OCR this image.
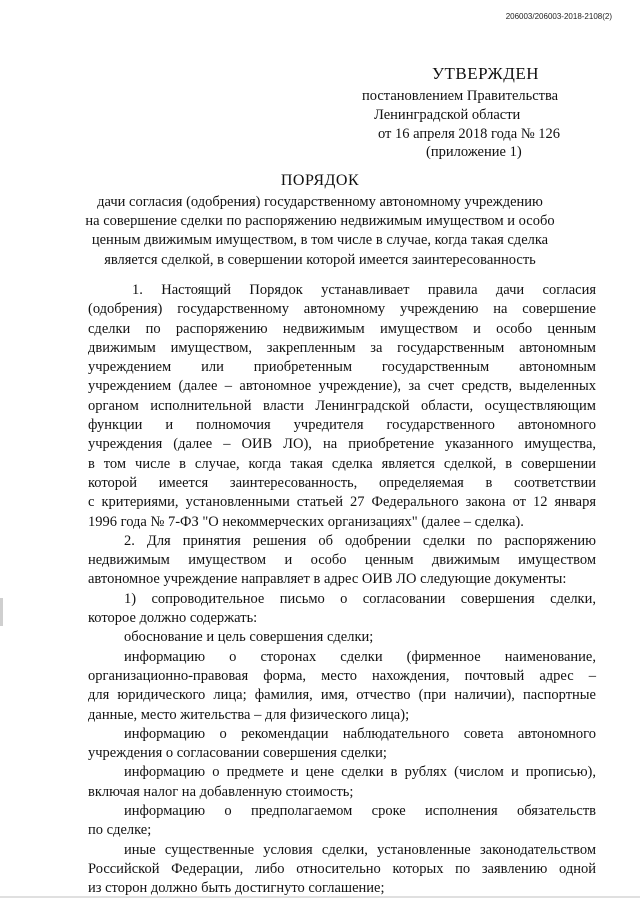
206003/206003-2018-2108(2)
УТВЕРЖДЕН
постановлением Правительства
Ленинградской области
от 16 апреля 2018 года № 126
(приложение 1)
ПОРЯДОК
дачи согласия (одобрения) государственному автономному учреждению
на совершение сделки по распоряжению недвижимым имуществом и особо
ценным движимым имуществом, в том числе в случае, когда такая сделка
является сделкой, в совершении которой имеется заинтересованность
1. Настоящий Порядок устанавливает правила дачи согласия
(одобрения) государственному автономному учреждению на совершение
сделки по распоряжению недвижимым имуществом и особо ценным
движимым имуществом, закрепленным за государственным автономным
учреждением или приобретенным государственным автономным
учреждением (далее – автономное учреждение), за счет средств, выделенных
органом исполнительной власти Ленинградской области, осуществляющим
функции и полномочия учредителя государственного автономного
учреждения (далее – ОИВ ЛО), на приобретение указанного имущества,
в том числе в случае, когда такая сделка является сделкой, в совершении
которой имеется заинтересованность, определяемая в соответствии
с критериями, установленными статьей 27 Федерального закона от 12 января
1996 года № 7-ФЗ "О некоммерческих организациях" (далее – сделка).
2. Для принятия решения об одобрении сделки по распоряжению
недвижимым имуществом и особо ценным движимым имуществом
автономное учреждение направляет в адрес ОИВ ЛО следующие документы:
1) сопроводительное письмо о согласовании совершения сделки,
которое должно содержать:
обоснование и цель совершения сделки;
информацию о сторонах сделки (фирменное наименование,
организационно-правовая форма, место нахождения, почтовый адрес –
для юридического лица; фамилия, имя, отчество (при наличии), паспортные
данные, место жительства – для физического лица);
информацию о рекомендации наблюдательного совета автономного
учреждения о согласовании совершения сделки;
информацию о предмете и цене сделки в рублях (числом и прописью),
включая налог на добавленную стоимость;
информацию о предполагаемом сроке исполнения обязательств
по сделке;
иные существенные условия сделки, установленные законодательством
Российской Федерации, либо относительно которых по заявлению одной
из сторон должно быть достигнуто соглашение;
